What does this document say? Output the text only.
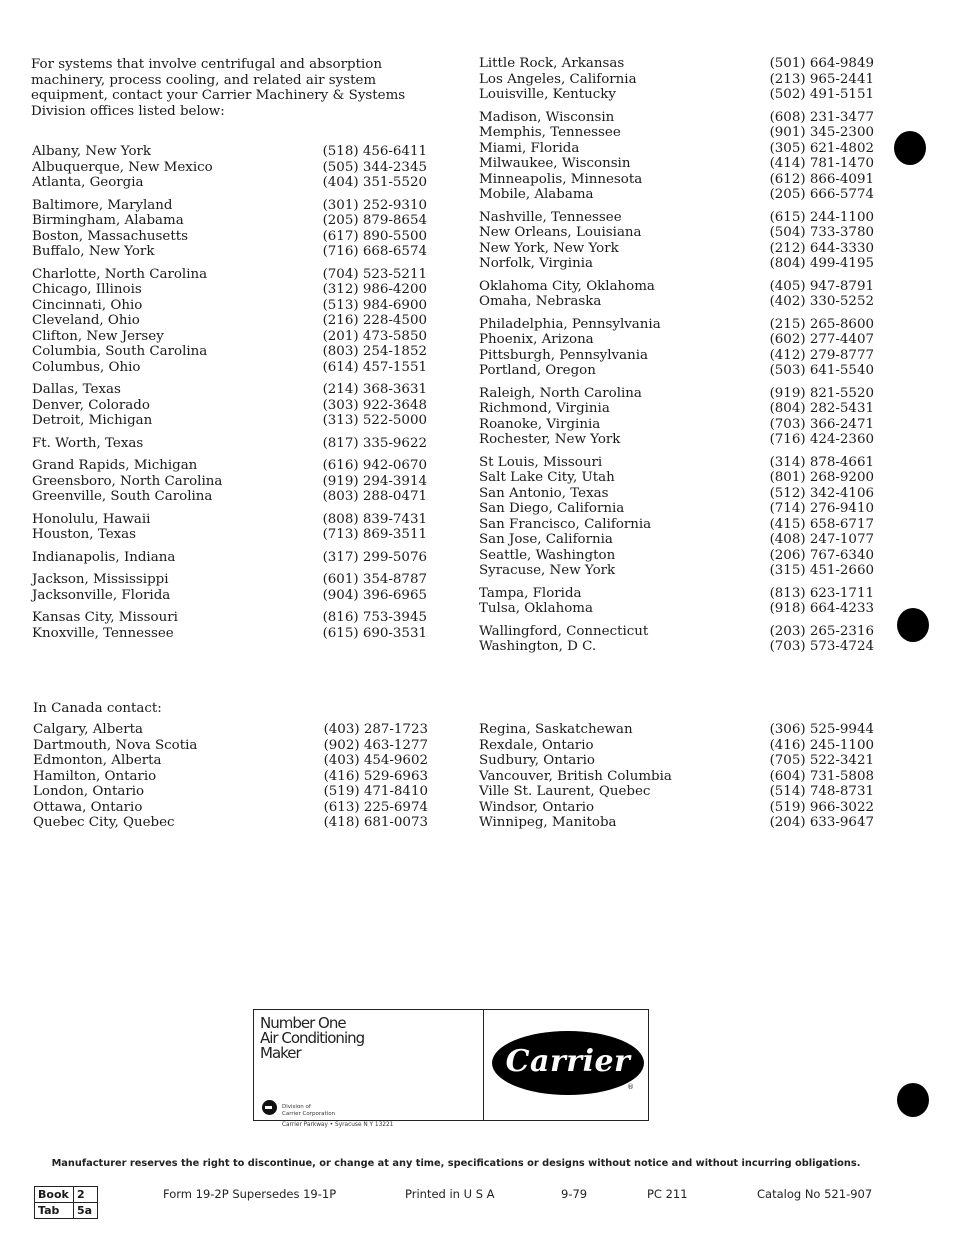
For systems that involve centrifugal and absorption machinery, process cooling, and related air system equipment, contact your Carrier Machinery & Systems Division offices listed below:
Albany, New York	(518) 456-6411
Albuquerque, New Mexico	(505) 344-2345
Atlanta, Georgia	(404) 351-5520
Baltimore, Maryland	(301) 252-9310
Birmingham, Alabama	(205) 879-8654
Boston, Massachusetts	(617) 890-5500
Buffalo, New York	(716) 668-6574
Charlotte, North Carolina	(704) 523-5211
Chicago, Illinois	(312) 986-4200
Cincinnati, Ohio	(513) 984-6900
Cleveland, Ohio	(216) 228-4500
Clifton, New Jersey	(201) 473-5850
Columbia, South Carolina	(803) 254-1852
Columbus, Ohio	(614) 457-1551
Dallas, Texas	(214) 368-3631
Denver, Colorado	(303) 922-3648
Detroit, Michigan	(313) 522-5000
Ft. Worth, Texas	(817) 335-9622
Grand Rapids, Michigan	(616) 942-0670
Greensboro, North Carolina	(919) 294-3914
Greenville, South Carolina	(803) 288-0471
Honolulu, Hawaii	(808) 839-7431
Houston, Texas	(713) 869-3511
Indianapolis, Indiana	(317) 299-5076
Jackson, Mississippi	(601) 354-8787
Jacksonville, Florida	(904) 396-6965
Kansas City, Missouri	(816) 753-3945
Knoxville, Tennessee	(615) 690-3531
Little Rock, Arkansas	(501) 664-9849
Los Angeles, California	(213) 965-2441
Louisville, Kentucky	(502) 491-5151
Madison, Wisconsin	(608) 231-3477
Memphis, Tennessee	(901) 345-2300
Miami, Florida	(305) 621-4802
Milwaukee, Wisconsin	(414) 781-1470
Minneapolis, Minnesota	(612) 866-4091
Mobile, Alabama	(205) 666-5774
Nashville, Tennessee	(615) 244-1100
New Orleans, Louisiana	(504) 733-3780
New York, New York	(212) 644-3330
Norfolk, Virginia	(804) 499-4195
Oklahoma City, Oklahoma	(405) 947-8791
Omaha, Nebraska	(402) 330-5252
Philadelphia, Pennsylvania	(215) 265-8600
Phoenix, Arizona	(602) 277-4407
Pittsburgh, Pennsylvania	(412) 279-8777
Portland, Oregon	(503) 641-5540
Raleigh, North Carolina	(919) 821-5520
Richmond, Virginia	(804) 282-5431
Roanoke, Virginia	(703) 366-2471
Rochester, New York	(716) 424-2360
St Louis, Missouri	(314) 878-4661
Salt Lake City, Utah	(801) 268-9200
San Antonio, Texas	(512) 342-4106
San Diego, California	(714) 276-9410
San Francisco, California	(415) 658-6717
San Jose, California	(408) 247-1077
Seattle, Washington	(206) 767-6340
Syracuse, New York	(315) 451-2660
Tampa, Florida	(813) 623-1711
Tulsa, Oklahoma	(918) 664-4233
Wallingford, Connecticut	(203) 265-2316
Washington, D C.	(703) 573-4724
In Canada contact:
Calgary, Alberta	(403) 287-1723
Dartmouth, Nova Scotia	(902) 463-1277
Edmonton, Alberta	(403) 454-9602
Hamilton, Ontario	(416) 529-6963
London, Ontario	(519) 471-8410
Ottawa, Ontario	(613) 225-6974
Quebec City, Quebec	(418) 681-0073
Regina, Saskatchewan	(306) 525-9944
Rexdale, Ontario	(416) 245-1100
Sudbury, Ontario	(705) 522-3421
Vancouver, British Columbia	(604) 731-5808
Ville St. Laurent, Quebec	(514) 748-8731
Windsor, Ontario	(519) 966-3022
Winnipeg, Manitoba	(204) 633-9647
Number One
Air Conditioning
Maker
Division of
Carrier Corporation
Carrier
®
Carrier Parkway • Syracuse N Y 13221
Manufacturer reserves the right to discontinue, or change at any time, specifications or designs without notice and without incurring obligations.
Book	2
Tab	5a
Form 19-2P Supersedes 19-1P	Printed in U S A	9-79	PC 211	Catalog No 521-907
